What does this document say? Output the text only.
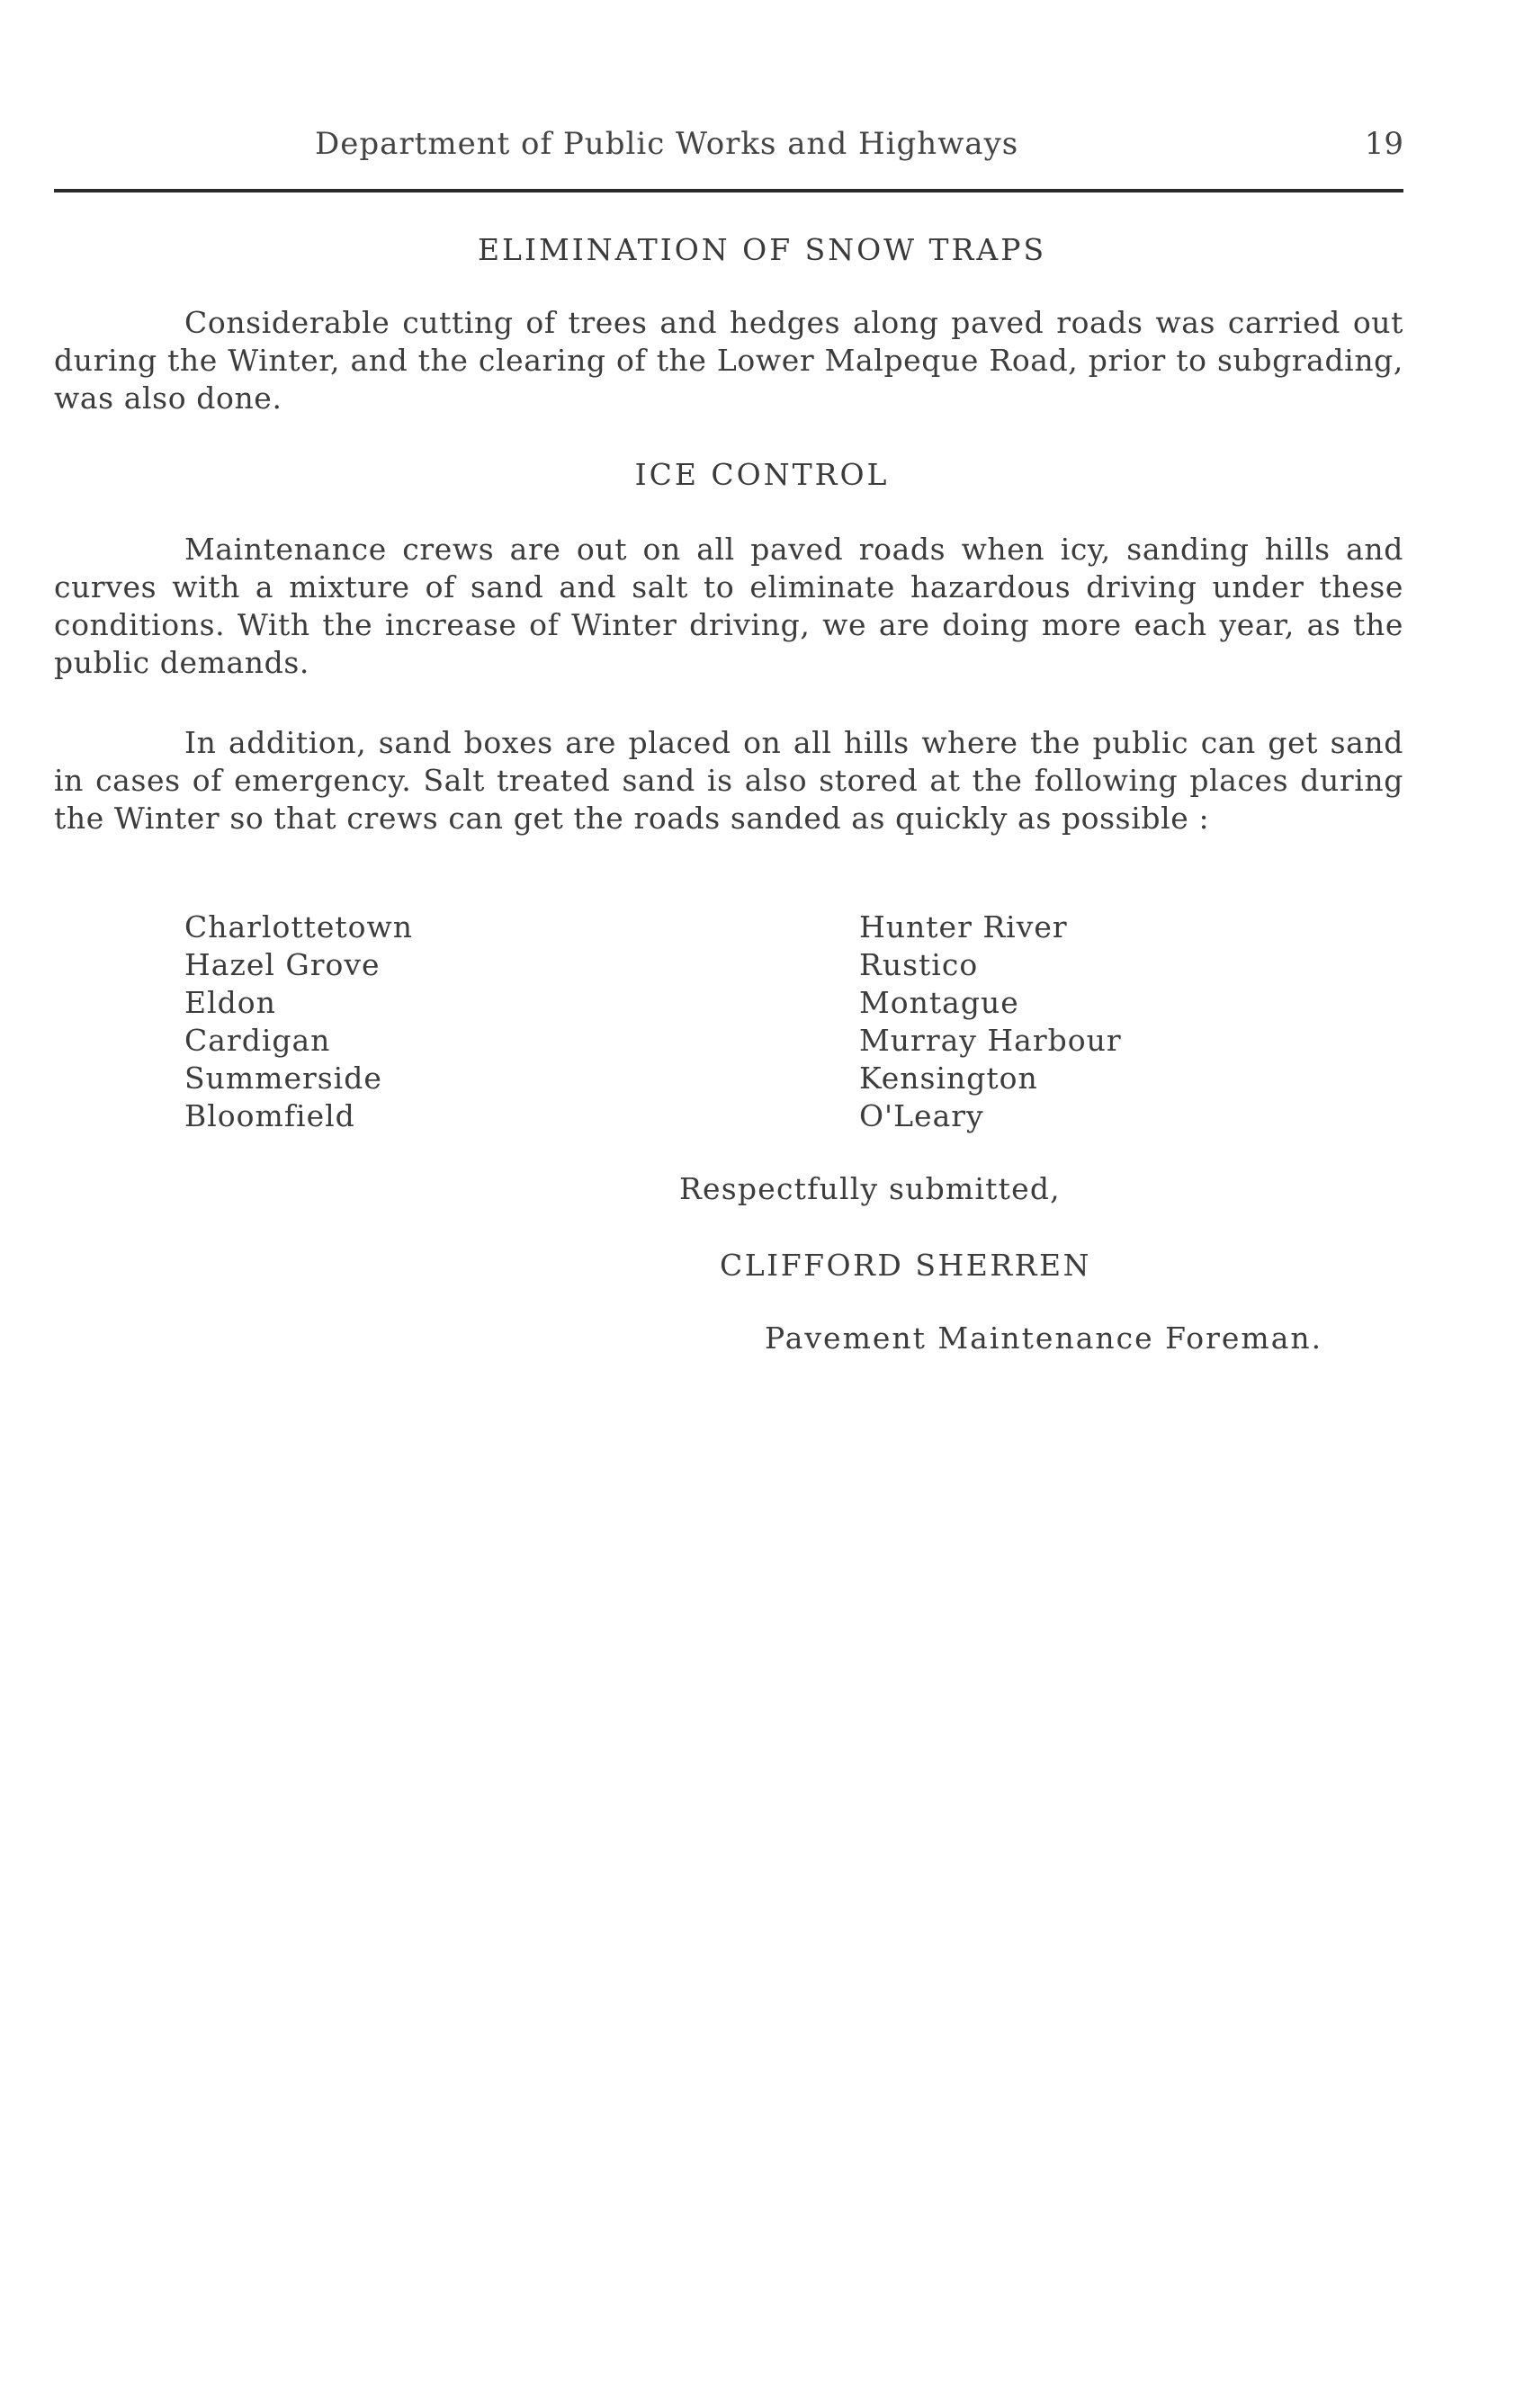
Department of Public Works and Highways	19
ELIMINATION OF SNOW TRAPS

Considerable cutting of trees and hedges along paved roads was carried out during the Winter, and the clearing of the Lower Malpeque Road, prior to subgrading, was also done.

ICE CONTROL

Maintenance crews are out on all paved roads when icy, sanding hills and curves with a mixture of sand and salt to eliminate hazardous driving under these conditions. With the increase of Winter driving, we are doing more each year, as the public demands.

In addition, sand boxes are placed on all hills where the public can get sand in cases of emergency. Salt treated sand is also stored at the following places during the Winter so that crews can get the roads sanded as quickly as possible :

Charlottetown
Hazel Grove
Eldon
Cardigan
Summerside
Bloomfield
Hunter River
Rustico
Montague
Murray Harbour
Kensington
O'Leary
Respectfully submitted,
CLIFFORD SHERREN
Pavement Maintenance Foreman.
